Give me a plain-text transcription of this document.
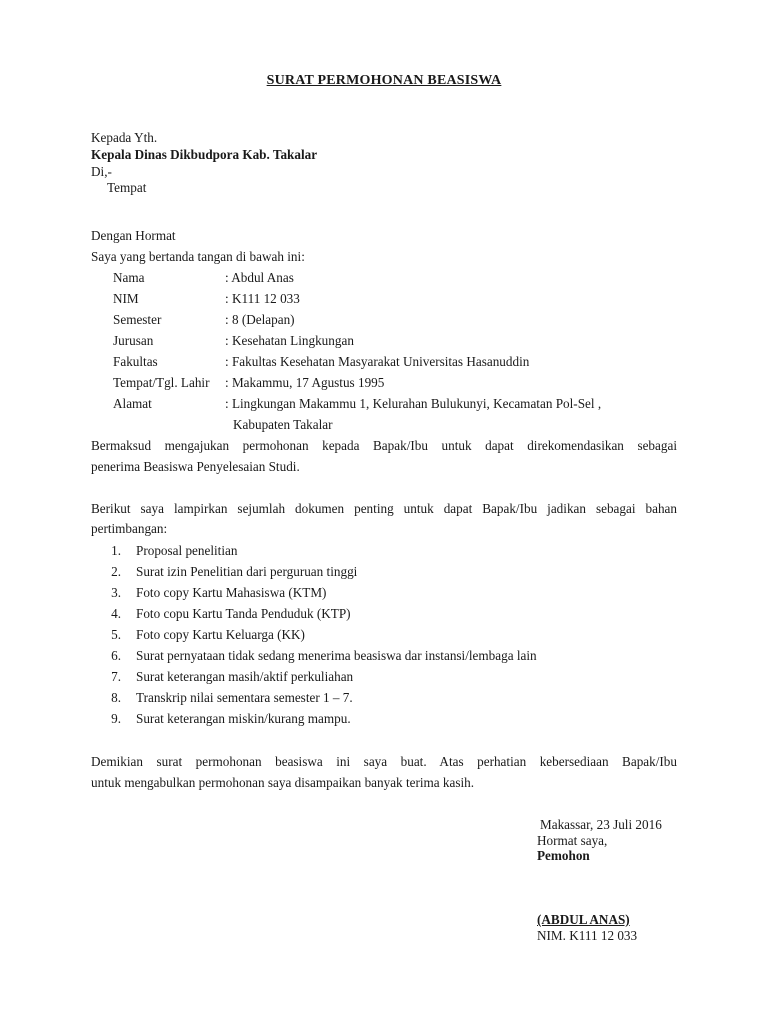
SURAT PERMOHONAN BEASISWA
Kepada Yth.
Kepala Dinas Dikbudpora Kab. Takalar
Di,-
Tempat
Dengan Hormat
Saya yang bertanda tangan di bawah ini:
Nama	: Abdul Anas
NIM	: K111 12 033
Semester	: 8 (Delapan)
Jurusan	: Kesehatan Lingkungan
Fakultas	: Fakultas Kesehatan Masyarakat Universitas Hasanuddin
Tempat/Tgl. Lahir : Makammu, 17 Agustus 1995
Alamat	: Lingkungan Makammu 1, Kelurahan Bulukunyi, Kecamatan Pol-Sel ,
Kabupaten Takalar
Bermaksud mengajukan permohonan kepada Bapak/Ibu untuk dapat direkomendasikan sebagai
penerima Beasiswa Penyelesaian Studi.
Berikut saya lampirkan sejumlah dokumen penting untuk dapat Bapak/Ibu jadikan sebagai bahan
pertimbangan:
1. Proposal penelitian
2. Surat izin Penelitian dari perguruan tinggi
3. Foto copy Kartu Mahasiswa (KTM)
4. Foto copu Kartu Tanda Penduduk (KTP)
5. Foto copy Kartu Keluarga (KK)
6. Surat pernyataan tidak sedang menerima beasiswa dar instansi/lembaga lain
7. Surat keterangan masih/aktif perkuliahan
8. Transkrip nilai sementara semester 1 – 7.
9. Surat keterangan miskin/kurang mampu.
Demikian surat permohonan beasiswa ini saya buat. Atas perhatian kebersediaan Bapak/Ibu
untuk mengabulkan permohonan saya disampaikan banyak terima kasih.
Makassar, 23 Juli 2016
Hormat saya,
Pemohon
(ABDUL ANAS)
NIM. K111 12 033
